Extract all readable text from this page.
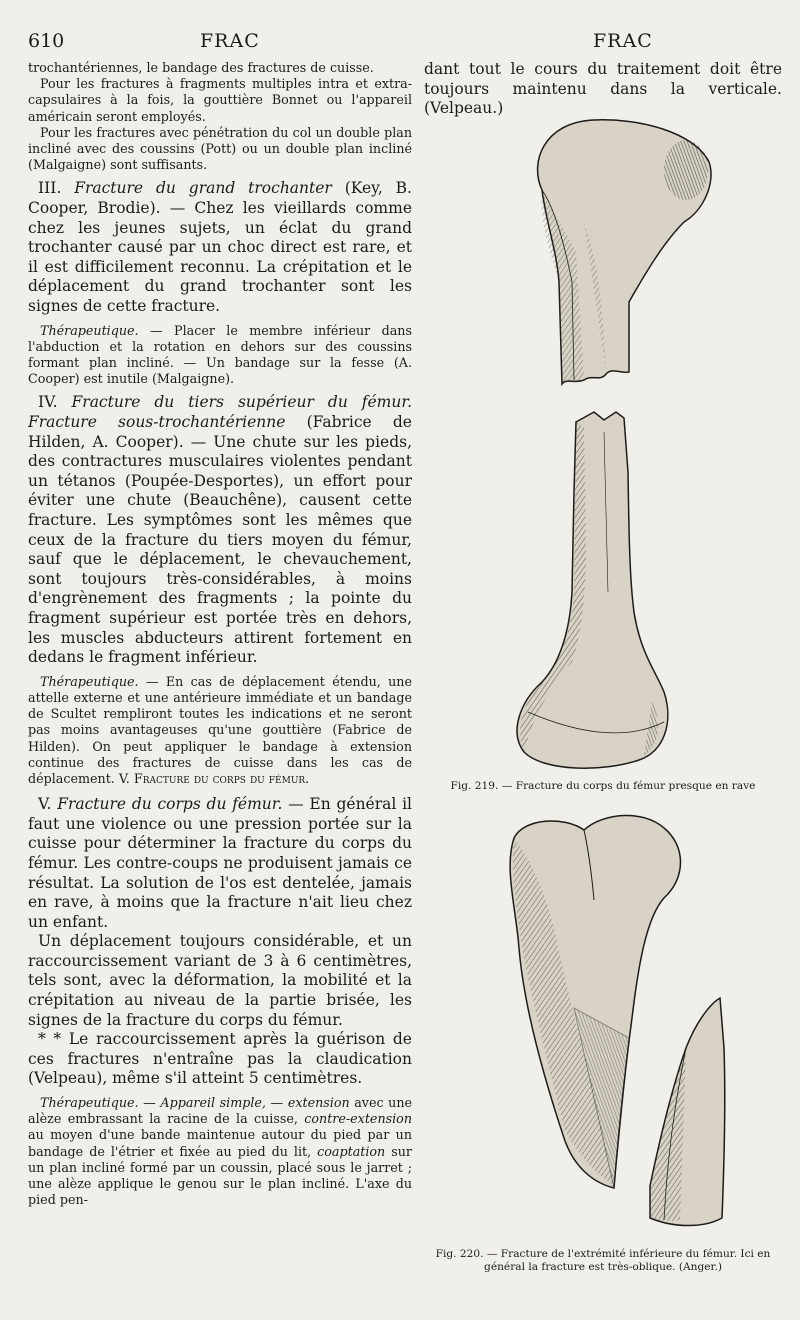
610	FRAC	FRAC

trochantériennes, le bandage des fractures de cuisse.

Pour les fractures à fragments multiples intra et extra-capsulaires à la fois, la gouttière Bonnet ou l'appareil américain seront employés.

Pour les fractures avec pénétration du col un double plan incliné avec des coussins (Pott) ou un double plan incliné (Malgaigne) sont suffisants.

III. Fracture du grand trochanter (Key, B. Cooper, Brodie). — Chez les vieillards comme chez les jeunes sujets, un éclat du grand trochanter causé par un choc direct est rare, et il est difficilement reconnu. La crépitation et le déplacement du grand trochanter sont les signes de cette fracture.

Thérapeutique. — Placer le membre inférieur dans l'abduction et la rotation en dehors sur des coussins formant plan incliné. — Un bandage sur la fesse (A. Cooper) est inutile (Malgaigne).

IV. Fracture du tiers supérieur du fémur. Fracture sous-trochantérienne (Fabrice de Hilden, A. Cooper). — Une chute sur les pieds, des contractures musculaires violentes pendant un tétanos (Poupée-Desportes), un effort pour éviter une chute (Beauchêne), causent cette fracture. Les symptômes sont les mêmes que ceux de la fracture du tiers moyen du fémur, sauf que le déplacement, le chevauchement, sont toujours très-considérables, à moins d'engrènement des fragments ; la pointe du fragment supérieur est portée très en dehors, les muscles abducteurs attirent fortement en dedans le fragment inférieur.

Thérapeutique. — En cas de déplacement étendu, une attelle externe et une antérieure immédiate et un bandage de Scultet rempliront toutes les indications et ne seront pas moins avantageuses qu'une gouttière (Fabrice de Hilden). On peut appliquer le bandage à extension continue des fractures de cuisse dans les cas de déplacement. V. Fracture du corps du fémur.

V. Fracture du corps du fémur. — En général il faut une violence ou une pression portée sur la cuisse pour déterminer la fracture du corps du fémur. Les contre-coups ne produisent jamais ce résultat. La solution de l'os est dentelée, jamais en rave, à moins que la fracture n'ait lieu chez un enfant.

Un déplacement toujours considérable, et un raccourcissement variant de 3 à 6 centimètres, tels sont, avec la déformation, la mobilité et la crépitation au niveau de la partie brisée, les signes de la fracture du corps du fémur.

* * Le raccourcissement après la guérison de ces fractures n'entraîne pas la claudication (Velpeau), même s'il atteint 5 centimètres.

Thérapeutique. — Appareil simple, — extension avec une alèze embrassant la racine de la cuisse, contre-extension au moyen d'une bande maintenue autour du pied par un bandage de l'étrier et fixée au pied du lit, coaptation sur un plan incliné formé par un coussin, placé sous le jarret ; une alèze applique le genou sur le plan incliné. L'axe du pied pen-

dant tout le cours du traitement doit être toujours maintenu dans la verticale. (Velpeau.)

Fig. 219. — Fracture du corps du fémur presque en rave
Fig. 220. — Fracture de l'extrémité inférieure du fémur. Ici en
général la fracture est très-oblique. (Anger.)
